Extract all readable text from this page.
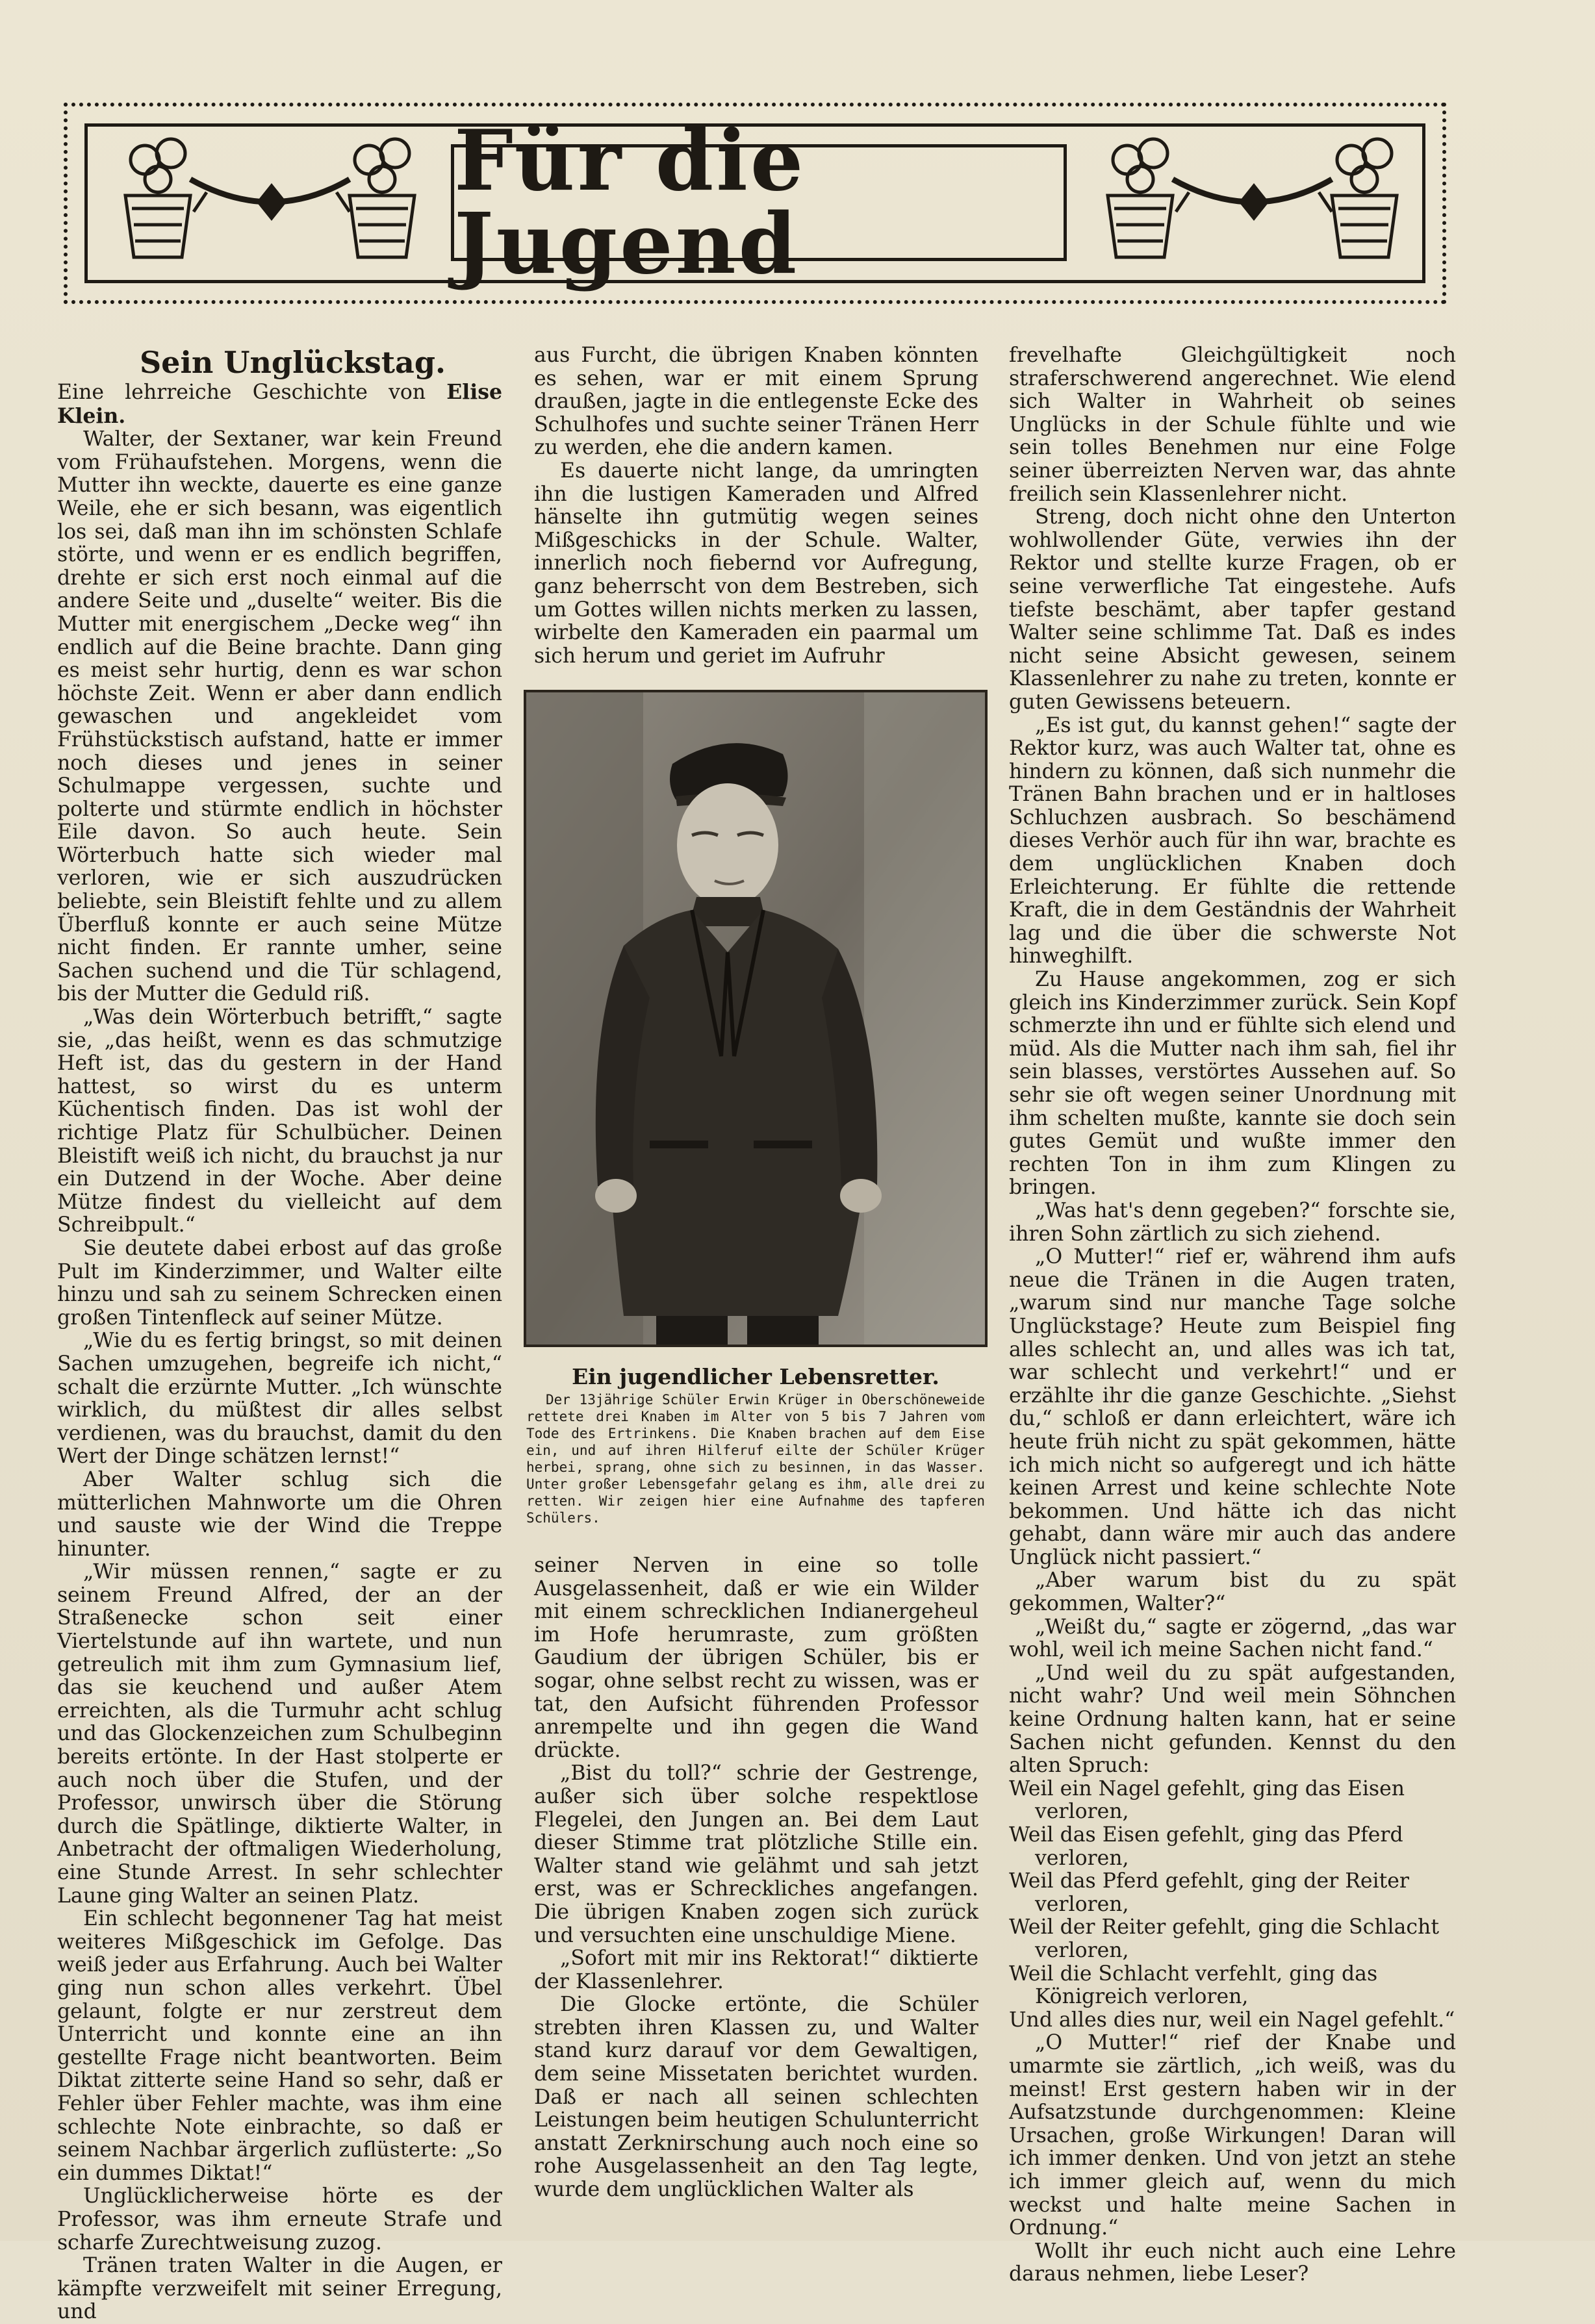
Für die Jugend

Sein Unglückstag.

Eine lehrreiche Geschichte von Elise Klein.

Walter, der Sextaner, war kein Freund vom Frühaufstehen. Morgens, wenn die Mutter ihn weckte, dauerte es eine ganze Weile, ehe er sich besann, was eigentlich los sei, daß man ihn im schönsten Schlafe störte, und wenn er es endlich begriffen, drehte er sich erst noch einmal auf die andere Seite und „duselte“ weiter. Bis die Mutter mit energischem „Decke weg“ ihn endlich auf die Beine brachte. Dann ging es meist sehr hurtig, denn es war schon höchste Zeit. Wenn er aber dann endlich gewaschen und angekleidet vom Frühstückstisch aufstand, hatte er immer noch dieses und jenes in seiner Schulmappe vergessen, suchte und polterte und stürmte endlich in höchster Eile davon. So auch heute. Sein Wörterbuch hatte sich wieder mal verloren, wie er sich auszudrücken beliebte, sein Bleistift fehlte und zu allem Überfluß konnte er auch seine Mütze nicht finden. Er rannte umher, seine Sachen suchend und die Tür schlagend, bis der Mutter die Geduld riß.

„Was dein Wörterbuch betrifft,“ sagte sie, „das heißt, wenn es das schmutzige Heft ist, das du gestern in der Hand hattest, so wirst du es unterm Küchentisch finden. Das ist wohl der richtige Platz für Schulbücher. Deinen Bleistift weiß ich nicht, du brauchst ja nur ein Dutzend in der Woche. Aber deine Mütze findest du vielleicht auf dem Schreibpult.“

Sie deutete dabei erbost auf das große Pult im Kinderzimmer, und Walter eilte hinzu und sah zu seinem Schrecken einen großen Tintenfleck auf seiner Mütze.

„Wie du es fertig bringst, so mit deinen Sachen umzugehen, begreife ich nicht,“ schalt die erzürnte Mutter. „Ich wünschte wirklich, du müßtest dir alles selbst verdienen, was du brauchst, damit du den Wert der Dinge schätzen lernst!“

Aber Walter schlug sich die mütterlichen Mahnworte um die Ohren und sauste wie der Wind die Treppe hinunter.

„Wir müssen rennen,“ sagte er zu seinem Freund Alfred, der an der Straßenecke schon seit einer Viertelstunde auf ihn wartete, und nun getreulich mit ihm zum Gymnasium lief, das sie keuchend und außer Atem erreichten, als die Turmuhr acht schlug und das Glockenzeichen zum Schulbeginn bereits ertönte. In der Hast stolperte er auch noch über die Stufen, und der Professor, unwirsch über die Störung durch die Spätlinge, diktierte Walter, in Anbetracht der oftmaligen Wiederholung, eine Stunde Arrest. In sehr schlechter Laune ging Walter an seinen Platz.

Ein schlecht begonnener Tag hat meist weiteres Mißgeschick im Gefolge. Das weiß jeder aus Erfahrung. Auch bei Walter ging nun schon alles verkehrt. Übel gelaunt, folgte er nur zerstreut dem Unterricht und konnte eine an ihn gestellte Frage nicht beantworten. Beim Diktat zitterte seine Hand so sehr, daß er Fehler über Fehler machte, was ihm eine schlechte Note einbrachte, so daß er seinem Nachbar ärgerlich zuflüsterte: „So ein dummes Diktat!“

Unglücklicherweise hörte es der Professor, was ihm erneute Strafe und scharfe Zurechtweisung zuzog.

Tränen traten Walter in die Augen, er kämpfte verzweifelt mit seiner Erregung, und

aus Furcht, die übrigen Knaben könnten es sehen, war er mit einem Sprung draußen, jagte in die entlegenste Ecke des Schulhofes und suchte seiner Tränen Herr zu werden, ehe die andern kamen.

Es dauerte nicht lange, da umringten ihn die lustigen Kameraden und Alfred hänselte ihn gutmütig wegen seines Mißgeschicks in der Schule. Walter, innerlich noch fiebernd vor Aufregung, ganz beherrscht von dem Bestreben, sich um Gottes willen nichts merken zu lassen, wirbelte den Kameraden ein paarmal um sich herum und geriet im Aufruhr

Ein jugendlicher Lebensretter.
Der 13jährige Schüler Erwin Krüger in Oberschöneweide rettete drei Knaben im Alter von 5 bis 7 Jahren vom Tode des Ertrinkens. Die Knaben brachen auf dem Eise ein, und auf ihren Hilferuf eilte der Schüler Krüger herbei, sprang, ohne sich zu besinnen, in das Wasser. Unter großer Lebensgefahr gelang es ihm, alle drei zu retten. Wir zeigen hier eine Aufnahme des tapferen Schülers.

seiner Nerven in eine so tolle Ausgelassenheit, daß er wie ein Wilder mit einem schrecklichen Indianergeheul im Hofe herumraste, zum größten Gaudium der übrigen Schüler, bis er sogar, ohne selbst recht zu wissen, was er tat, den Aufsicht führenden Professor anrempelte und ihn gegen die Wand drückte.

„Bist du toll?“ schrie der Gestrenge, außer sich über solche respektlose Flegelei, den Jungen an. Bei dem Laut dieser Stimme trat plötzliche Stille ein. Walter stand wie gelähmt und sah jetzt erst, was er Schreckliches angefangen. Die übrigen Knaben zogen sich zurück und versuchten eine unschuldige Miene.

„Sofort mit mir ins Rektorat!“ diktierte der Klassenlehrer.

Die Glocke ertönte, die Schüler strebten ihren Klassen zu, und Walter stand kurz darauf vor dem Gewaltigen, dem seine Missetaten berichtet wurden. Daß er nach all seinen schlechten Leistungen beim heutigen Schulunterricht anstatt Zerknirschung auch noch eine so rohe Ausgelassenheit an den Tag legte, wurde dem unglücklichen Walter als

frevelhafte Gleichgültigkeit noch straferschwerend angerechnet. Wie elend sich Walter in Wahrheit ob seines Unglücks in der Schule fühlte und wie sein tolles Benehmen nur eine Folge seiner überreizten Nerven war, das ahnte freilich sein Klassenlehrer nicht.

Streng, doch nicht ohne den Unterton wohlwollender Güte, verwies ihn der Rektor und stellte kurze Fragen, ob er seine verwerfliche Tat eingestehe. Aufs tiefste beschämt, aber tapfer gestand Walter seine schlimme Tat. Daß es indes nicht seine Absicht gewesen, seinem Klassenlehrer zu nahe zu treten, konnte er guten Gewissens beteuern.

„Es ist gut, du kannst gehen!“ sagte der Rektor kurz, was auch Walter tat, ohne es hindern zu können, daß sich nunmehr die Tränen Bahn brachen und er in haltloses Schluchzen ausbrach. So beschämend dieses Verhör auch für ihn war, brachte es dem unglücklichen Knaben doch Erleichterung. Er fühlte die rettende Kraft, die in dem Geständnis der Wahrheit lag und die über die schwerste Not hinweghilft.

Zu Hause angekommen, zog er sich gleich ins Kinderzimmer zurück. Sein Kopf schmerzte ihn und er fühlte sich elend und müd. Als die Mutter nach ihm sah, fiel ihr sein blasses, verstörtes Aussehen auf. So sehr sie oft wegen seiner Unordnung mit ihm schelten mußte, kannte sie doch sein gutes Gemüt und wußte immer den rechten Ton in ihm zum Klingen zu bringen.

„Was hat's denn gegeben?“ forschte sie, ihren Sohn zärtlich zu sich ziehend.

„O Mutter!“ rief er, während ihm aufs neue die Tränen in die Augen traten, „warum sind nur manche Tage solche Unglückstage? Heute zum Beispiel fing alles schlecht an, und alles was ich tat, war schlecht und verkehrt!“ und er erzählte ihr die ganze Geschichte. „Siehst du,“ schloß er dann erleichtert, wäre ich heute früh nicht zu spät gekommen, hätte ich mich nicht so aufgeregt und ich hätte keinen Arrest und keine schlechte Note bekommen. Und hätte ich das nicht gehabt, dann wäre mir auch das andere Unglück nicht passiert.“

„Aber warum bist du zu spät gekommen, Walter?“

„Weißt du,“ sagte er zögernd, „das war wohl, weil ich meine Sachen nicht fand.“

„Und weil du zu spät aufgestanden, nicht wahr? Und weil mein Söhnchen keine Ordnung halten kann, hat er seine Sachen nicht gefunden. Kennst du den alten Spruch:

Weil ein Nagel gefehlt, ging das Eisen verloren,

Weil das Eisen gefehlt, ging das Pferd verloren,

Weil das Pferd gefehlt, ging der Reiter verloren,

Weil der Reiter gefehlt, ging die Schlacht verloren,

Weil die Schlacht verfehlt, ging das Königreich verloren,

Und alles dies nur, weil ein Nagel gefehlt.“

„O Mutter!“ rief der Knabe und umarmte sie zärtlich, „ich weiß, was du meinst! Erst gestern haben wir in der Aufsatzstunde durchgenommen: Kleine Ursachen, große Wirkungen! Daran will ich immer denken. Und von jetzt an stehe ich immer gleich auf, wenn du mich weckst und halte meine Sachen in Ordnung.“

Wollt ihr euch nicht auch eine Lehre daraus nehmen, liebe Leser?
